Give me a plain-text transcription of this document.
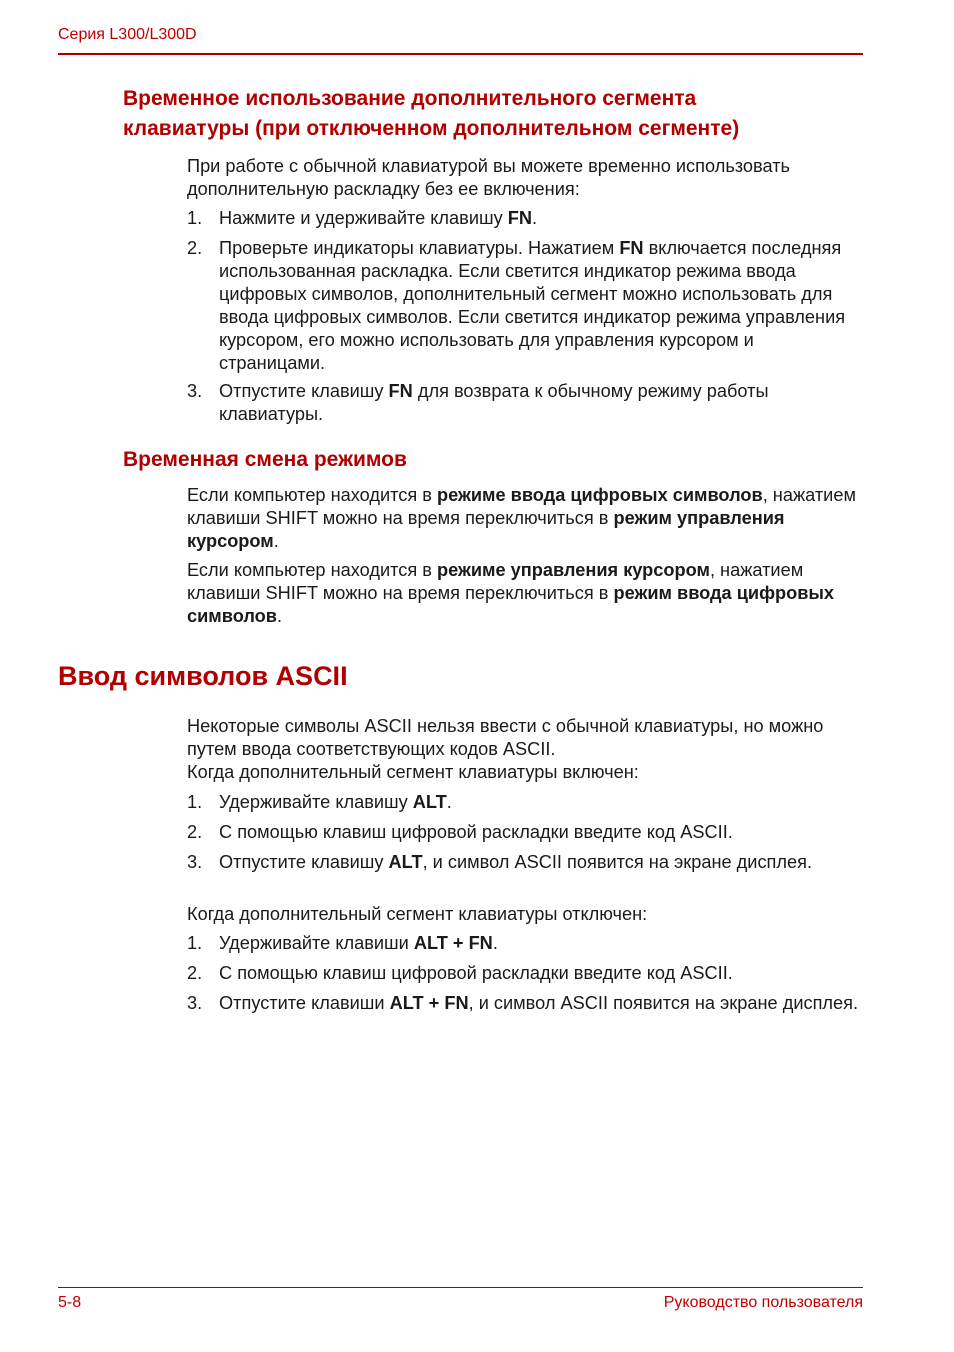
Серия L300/L300D
Временное использование дополнительного сегмента
клавиатуры (при отключенном дополнительном сегменте)
При работе с обычной клавиатурой вы можете временно использовать дополнительную раскладку без ее включения:
1. Нажмите и удерживайте клавишу FN.
2. Проверьте индикаторы клавиатуры. Нажатием FN включается последняя использованная раскладка. Если светится индикатор режима ввода цифровых символов, дополнительный сегмент можно использовать для ввода цифровых символов. Если светится индикатор режима управления курсором, его можно использовать для управления курсором и страницами.
3. Отпустите клавишу FN для возврата к обычному режиму работы клавиатуры.
Временная смена режимов
Если компьютер находится в режиме ввода цифровых символов, нажатием клавиши SHIFT можно на время переключиться в режим управления курсором.
Если компьютер находится в режиме управления курсором, нажатием клавиши SHIFT можно на время переключиться в режим ввода цифровых символов.
Ввод символов ASCII
Некоторые символы ASCII нельзя ввести с обычной клавиатуры, но можно путем ввода соответствующих кодов ASCII.
Когда дополнительный сегмент клавиатуры включен:
1. Удерживайте клавишу ALT.
2. С помощью клавиш цифровой раскладки введите код ASCII.
3. Отпустите клавишу ALT, и символ ASCII появится на экране дисплея.
Когда дополнительный сегмент клавиатуры отключен:
1. Удерживайте клавиши ALT + FN.
2. С помощью клавиш цифровой раскладки введите код ASCII.
3. Отпустите клавиши ALT + FN, и символ ASCII появится на экране дисплея.
5-8	Руководство пользователя
